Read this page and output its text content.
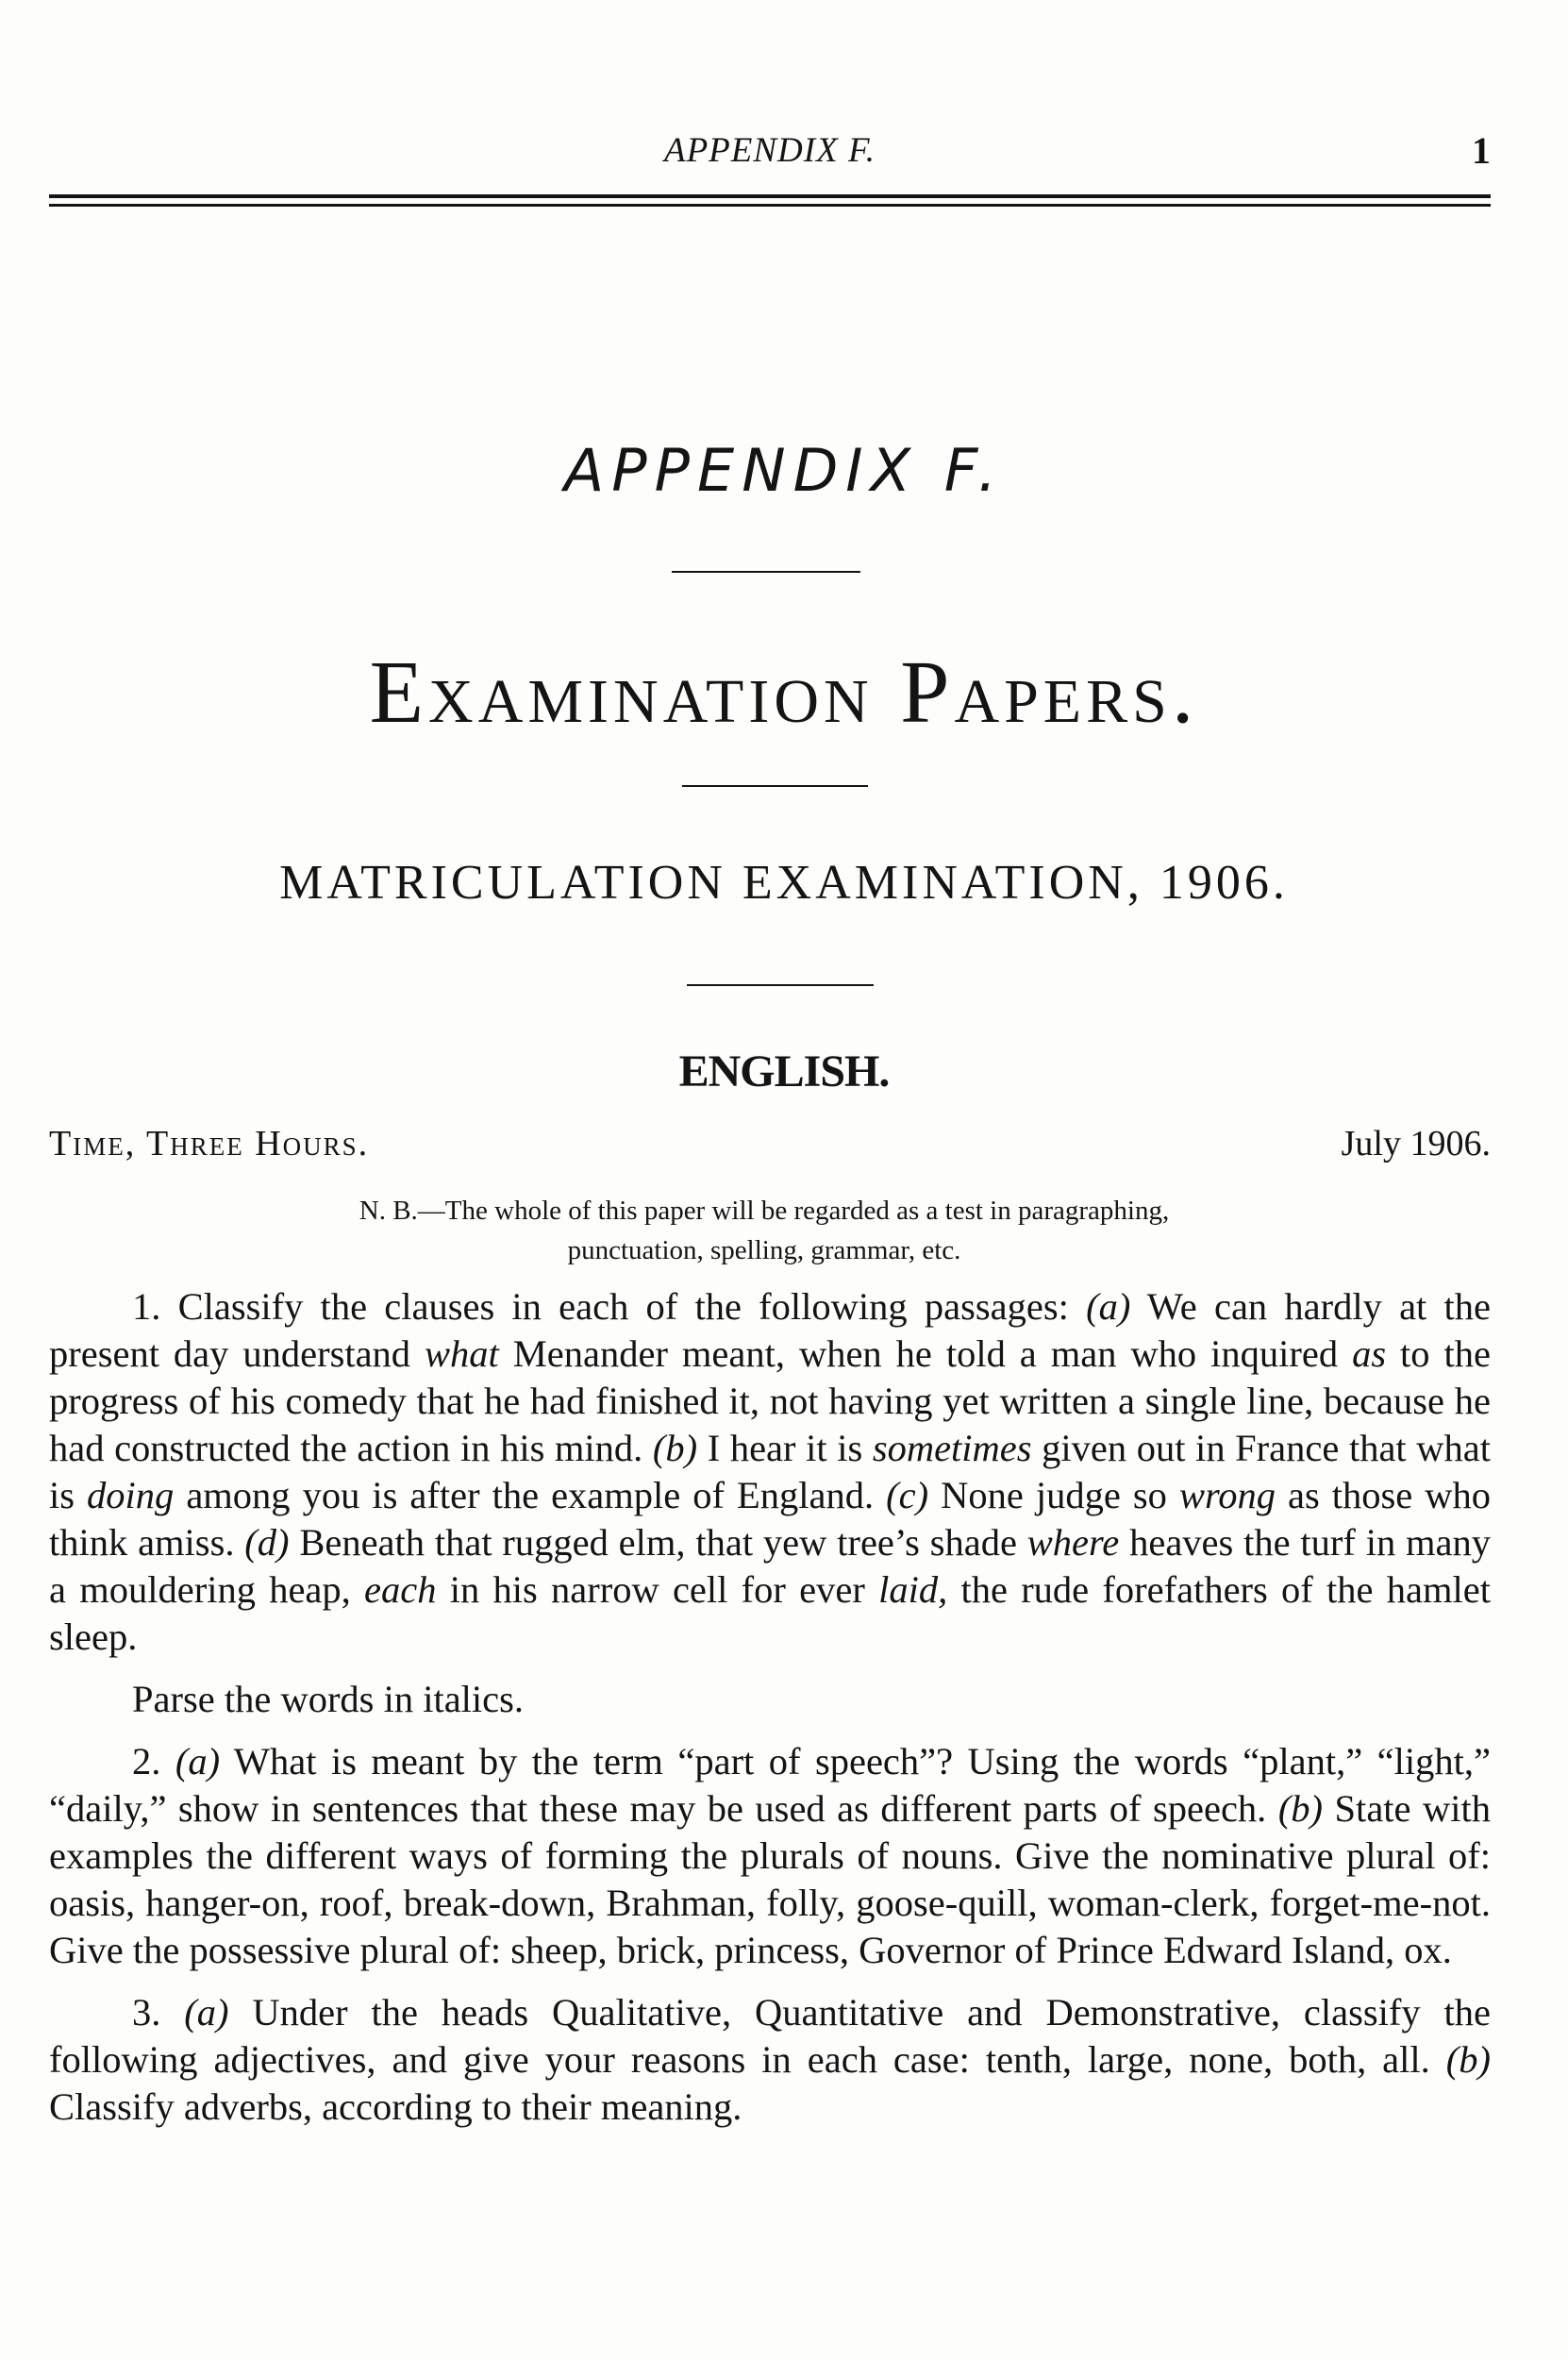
APPENDIX F.	1
APPENDIX F.
Examination Papers.
MATRICULATION EXAMINATION, 1906.
ENGLISH.
Time, Three Hours.	July 1906.
N. B.—The whole of this paper will be regarded as a test in paragraphing,
punctuation, spelling, grammar, etc.

1. Classify the clauses in each of the following passages: (a) We can hardly at the present day understand what Menander meant, when he told a man who inquired as to the progress of his comedy that he had finished it, not having yet written a single line, because he had constructed the action in his mind. (b) I hear it is sometimes given out in France that what is doing among you is after the example of England. (c) None judge so wrong as those who think amiss. (d) Beneath that rugged elm, that yew tree’s shade where heaves the turf in many a mouldering heap, each in his narrow cell for ever laid, the rude forefathers of the hamlet sleep.

Parse the words in italics.

2. (a) What is meant by the term “part of speech”? Using the words “plant,” “light,” “daily,” show in sentences that these may be used as different parts of speech. (b) State with examples the different ways of forming the plurals of nouns. Give the nominative plural of: oasis, hanger-on, roof, break-down, Brahman, folly, goose-quill, woman-clerk, forget-me-not. Give the possessive plural of: sheep, brick, princess, Governor of Prince Edward Island, ox.

3. (a) Under the heads Qualitative, Quantitative and Demonstrative, classify the following adjectives, and give your reasons in each case: tenth, large, none, both, all. (b) Classify adverbs, according to their meaning.
